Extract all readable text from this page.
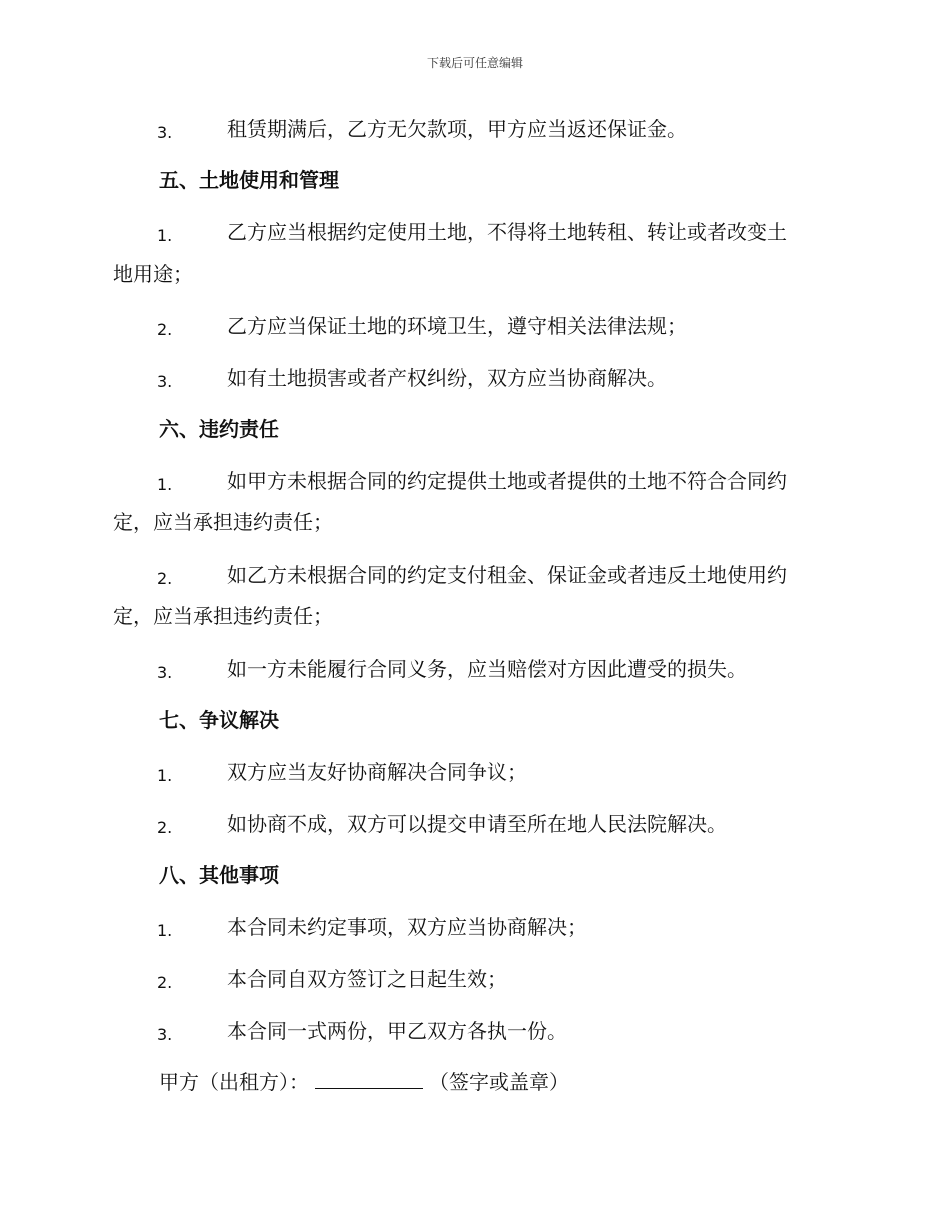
下载后可任意编辑
3.	租赁期满后，乙方无欠款项，甲方应当返还保证金。
五、土地使用和管理
1.	乙方应当根据约定使用土地，不得将土地转租、转让或者改变土
地用途；
2.	乙方应当保证土地的环境卫生，遵守相关法律法规；
3.	如有土地损害或者产权纠纷，双方应当协商解决。
六、违约责任
1.	如甲方未根据合同的约定提供土地或者提供的土地不符合合同约
定，应当承担违约责任；
2.	如乙方未根据合同的约定支付租金、保证金或者违反土地使用约
定，应当承担违约责任；
3.	如一方未能履行合同义务，应当赔偿对方因此遭受的损失。
七、争议解决
1.	双方应当友好协商解决合同争议；
2.	如协商不成，双方可以提交申请至所在地人民法院解决。
八、其他事项
1.	本合同未约定事项，双方应当协商解决；
2.	本合同自双方签订之日起生效；
3.	本合同一式两份，甲乙双方各执一份。
甲方（出租方）：	（签字或盖章）
